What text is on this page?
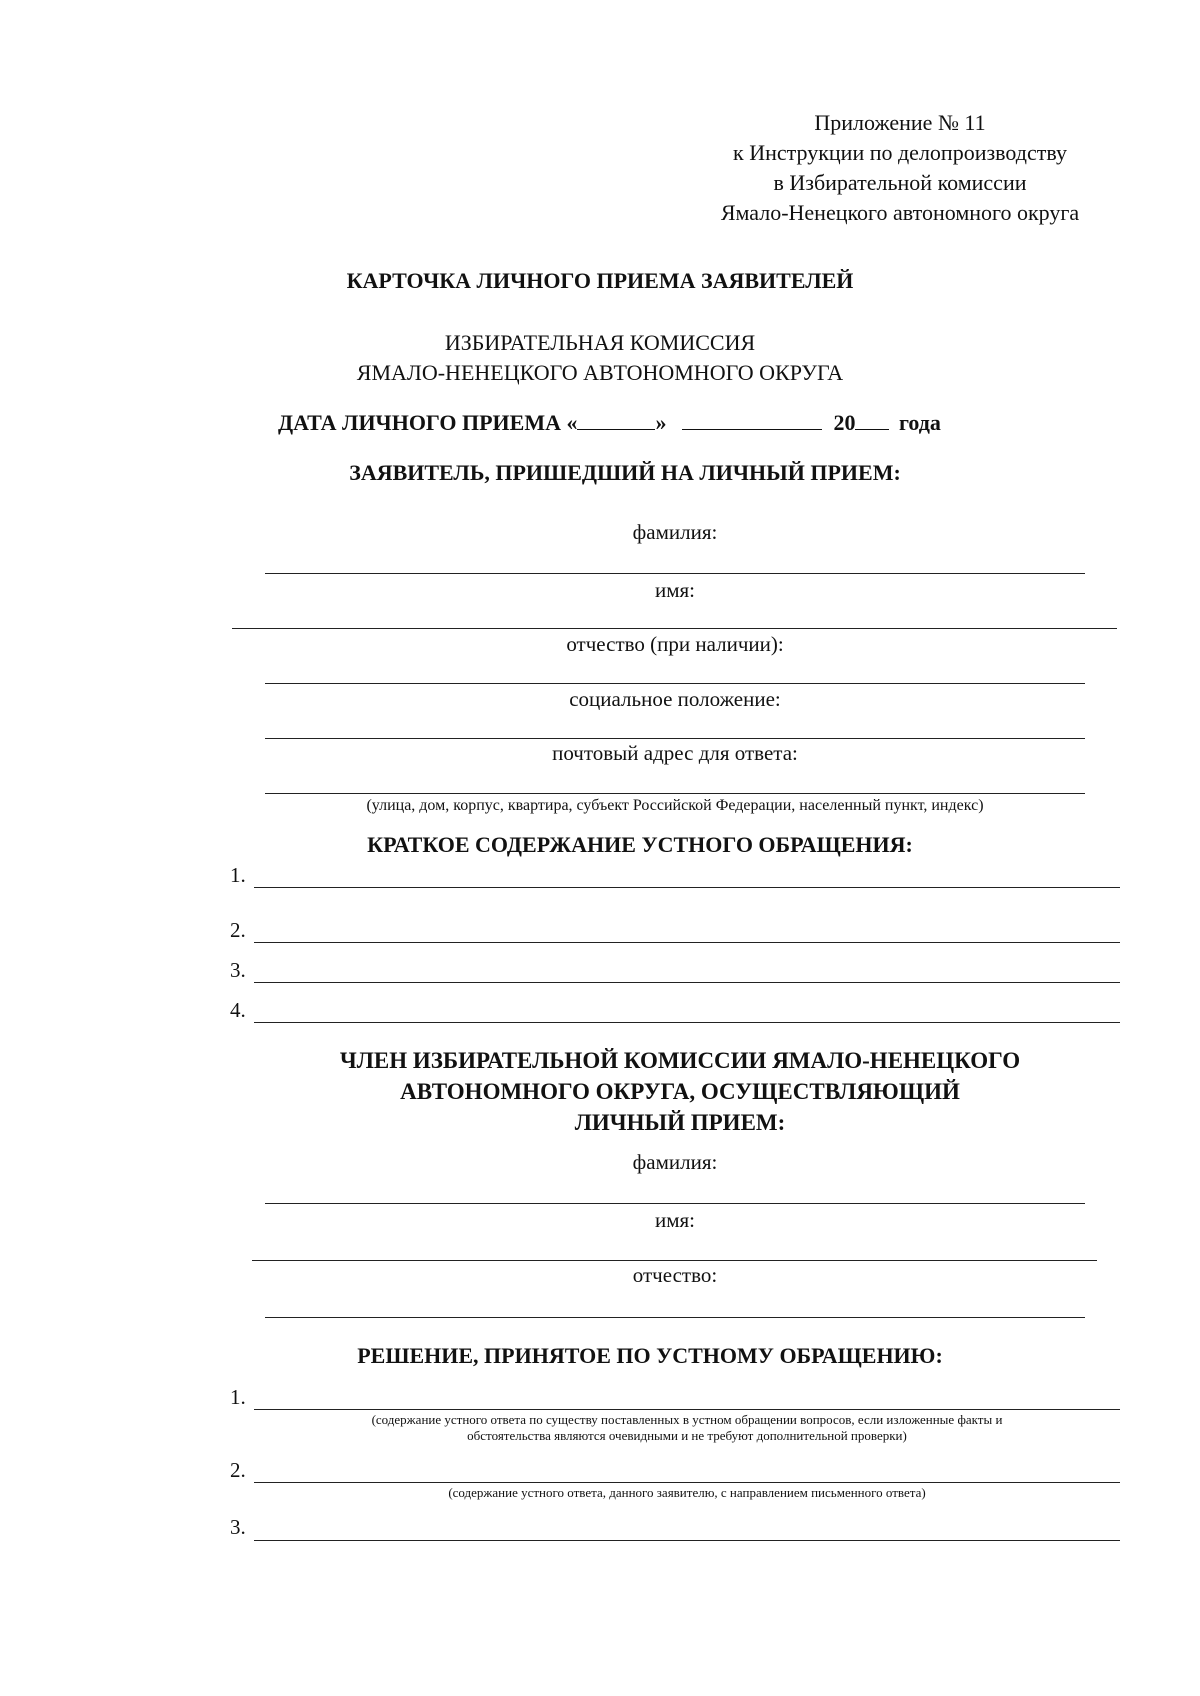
Приложение № 11
к Инструкции по делопроизводству
в Избирательной комиссии
Ямало-Ненецкого автономного округа
КАРТОЧКА ЛИЧНОГО ПРИЕМА ЗАЯВИТЕЛЕЙ
ИЗБИРАТЕЛЬНАЯ КОМИССИЯ
ЯМАЛО-НЕНЕЦКОГО АВТОНОМНОГО ОКРУГА
ДАТА ЛИЧНОГО ПРИЕМА «	»	20 года
ЗАЯВИТЕЛЬ, ПРИШЕДШИЙ НА ЛИЧНЫЙ ПРИЕМ:
фамилия:
имя:
отчество (при наличии):
социальное положение:
почтовый адрес для ответа:
(улица, дом, корпус, квартира, субъект Российской Федерации, населенный пункт, индекс)
КРАТКОЕ СОДЕРЖАНИЕ УСТНОГО ОБРАЩЕНИЯ:
1.
2.
3.
4.
ЧЛЕН ИЗБИРАТЕЛЬНОЙ КОМИССИИ ЯМАЛО-НЕНЕЦКОГО
АВТОНОМНОГО ОКРУГА, ОСУЩЕСТВЛЯЮЩИЙ
ЛИЧНЫЙ ПРИЕМ:
фамилия:
имя:
отчество:
РЕШЕНИЕ, ПРИНЯТОЕ ПО УСТНОМУ ОБРАЩЕНИЮ:
1.
(содержание устного ответа по существу поставленных в устном обращении вопросов, если изложенные факты и
обстоятельства являются очевидными и не требуют дополнительной проверки)
2.
(содержание устного ответа, данного заявителю, с направлением письменного ответа)
3.
